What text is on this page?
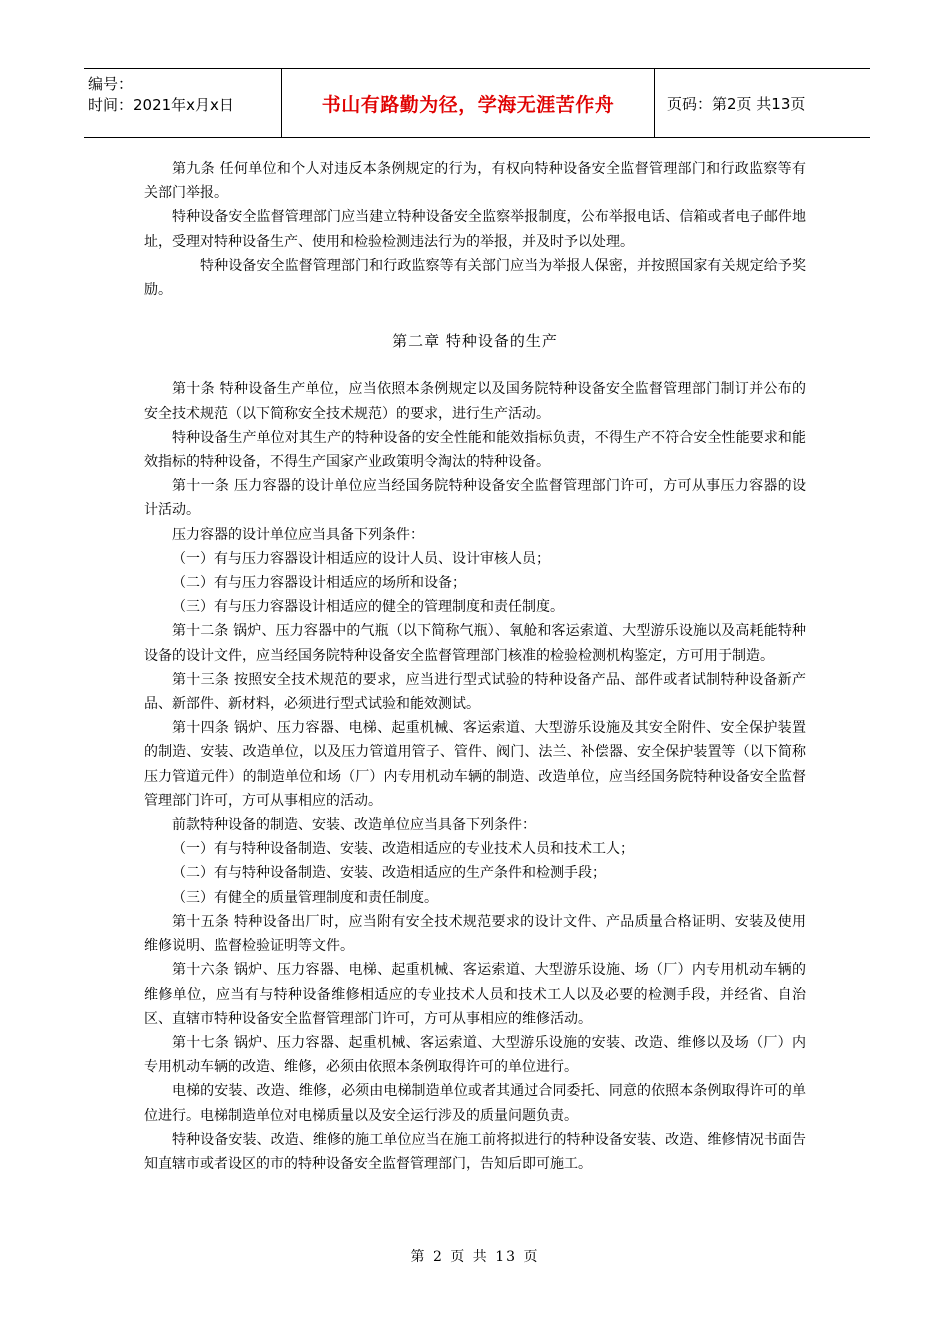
编号：
时间：2021年x月x日	书山有路勤为径，学海无涯苦作舟	页码：第2页 共13页

第九条 任何单位和个人对违反本条例规定的行为，有权向特种设备安全监督管理部门和行政监察等有关部门举报。

特种设备安全监督管理部门应当建立特种设备安全监察举报制度，公布举报电话、信箱或者电子邮件地址，受理对特种设备生产、使用和检验检测违法行为的举报，并及时予以处理。

特种设备安全监督管理部门和行政监察等有关部门应当为举报人保密，并按照国家有关规定给予奖励。

第二章 特种设备的生产

第十条 特种设备生产单位，应当依照本条例规定以及国务院特种设备安全监督管理部门制订并公布的安全技术规范（以下简称安全技术规范）的要求，进行生产活动。

特种设备生产单位对其生产的特种设备的安全性能和能效指标负责，不得生产不符合安全性能要求和能效指标的特种设备，不得生产国家产业政策明令淘汰的特种设备。

第十一条 压力容器的设计单位应当经国务院特种设备安全监督管理部门许可，方可从事压力容器的设计活动。

压力容器的设计单位应当具备下列条件：

（一）有与压力容器设计相适应的设计人员、设计审核人员；

（二）有与压力容器设计相适应的场所和设备；

（三）有与压力容器设计相适应的健全的管理制度和责任制度。

第十二条 锅炉、压力容器中的气瓶（以下简称气瓶）、氧舱和客运索道、大型游乐设施以及高耗能特种设备的设计文件，应当经国务院特种设备安全监督管理部门核准的检验检测机构鉴定，方可用于制造。

第十三条 按照安全技术规范的要求，应当进行型式试验的特种设备产品、部件或者试制特种设备新产品、新部件、新材料，必须进行型式试验和能效测试。

第十四条 锅炉、压力容器、电梯、起重机械、客运索道、大型游乐设施及其安全附件、安全保护装置的制造、安装、改造单位，以及压力管道用管子、管件、阀门、法兰、补偿器、安全保护装置等（以下简称压力管道元件）的制造单位和场（厂）内专用机动车辆的制造、改造单位，应当经国务院特种设备安全监督管理部门许可，方可从事相应的活动。

前款特种设备的制造、安装、改造单位应当具备下列条件：

（一）有与特种设备制造、安装、改造相适应的专业技术人员和技术工人；

（二）有与特种设备制造、安装、改造相适应的生产条件和检测手段；

（三）有健全的质量管理制度和责任制度。

第十五条 特种设备出厂时，应当附有安全技术规范要求的设计文件、产品质量合格证明、安装及使用维修说明、监督检验证明等文件。

第十六条 锅炉、压力容器、电梯、起重机械、客运索道、大型游乐设施、场（厂）内专用机动车辆的维修单位，应当有与特种设备维修相适应的专业技术人员和技术工人以及必要的检测手段，并经省、自治区、直辖市特种设备安全监督管理部门许可，方可从事相应的维修活动。

第十七条 锅炉、压力容器、起重机械、客运索道、大型游乐设施的安装、改造、维修以及场（厂）内专用机动车辆的改造、维修，必须由依照本条例取得许可的单位进行。

电梯的安装、改造、维修，必须由电梯制造单位或者其通过合同委托、同意的依照本条例取得许可的单位进行。电梯制造单位对电梯质量以及安全运行涉及的质量问题负责。

特种设备安装、改造、维修的施工单位应当在施工前将拟进行的特种设备安装、改造、维修情况书面告知直辖市或者设区的市的特种设备安全监督管理部门，告知后即可施工。

第 2 页 共 13 页
